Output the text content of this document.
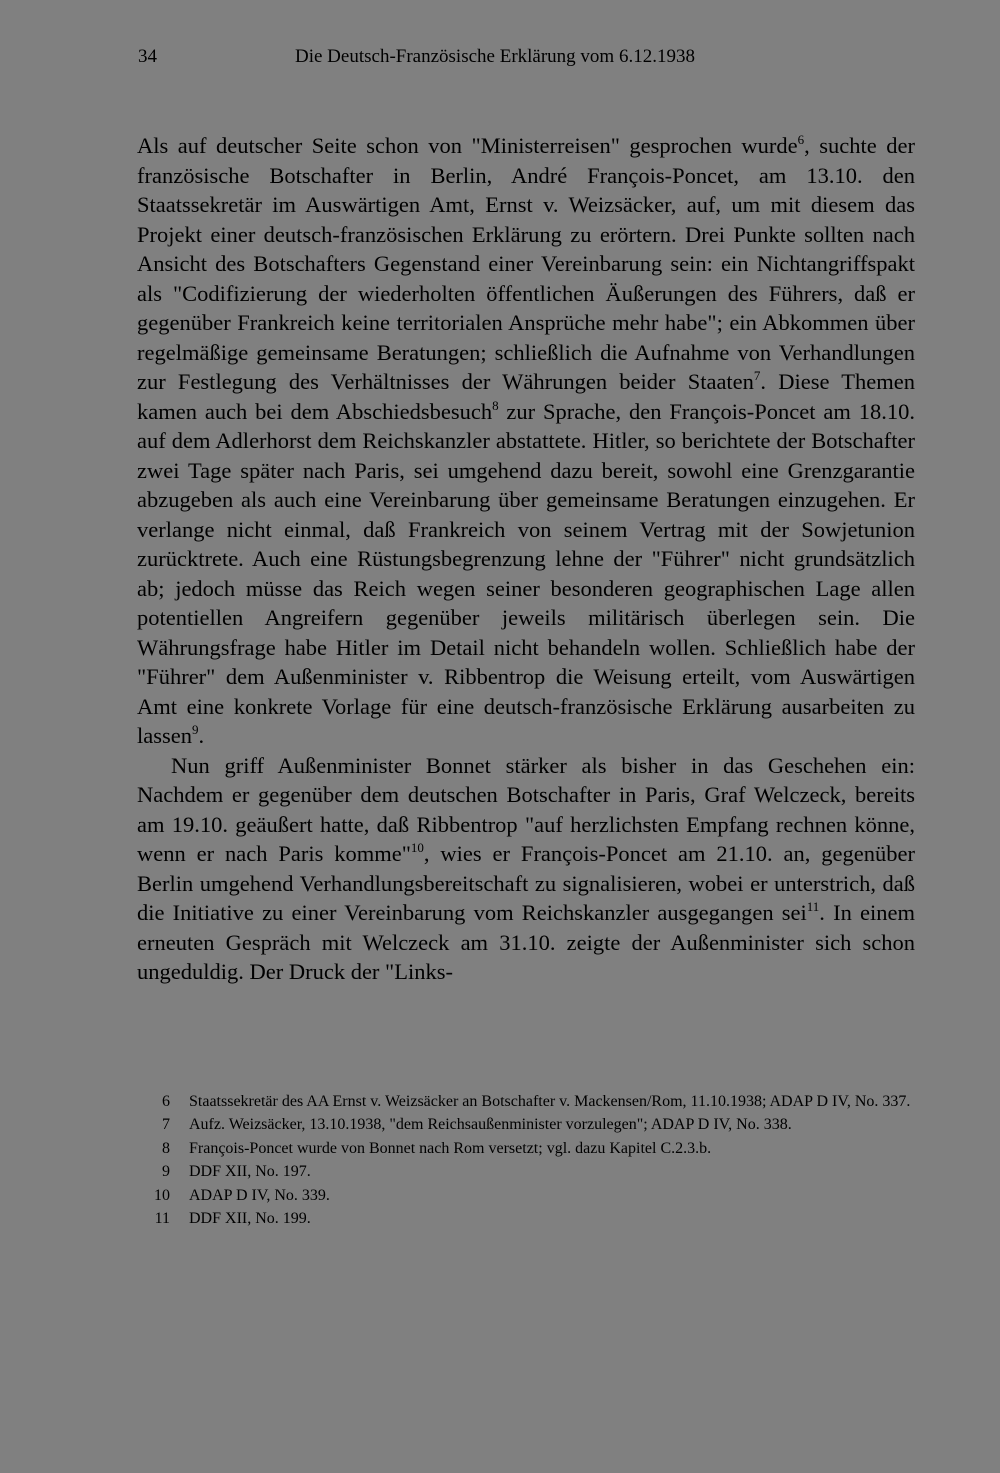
34	Die Deutsch-Französische Erklärung vom 6.12.1938

Als auf deutscher Seite schon von "Ministerreisen" gesprochen wurde$^6$, suchte der französische Botschafter in Berlin, André François-Poncet, am 13.10. den Staatssekretär im Auswärtigen Amt, Ernst v. Weizsäcker, auf, um mit diesem das Projekt einer deutsch-französischen Erklärung zu erörtern. Drei Punkte sollten nach Ansicht des Botschafters Gegenstand einer Vereinbarung sein: ein Nichtangriffspakt als "Codifizierung der wiederholten öffentlichen Äußerungen des Führers, daß er gegenüber Frankreich keine territorialen Ansprüche mehr habe"; ein Abkommen über regelmäßige gemeinsame Beratungen; schließlich die Aufnahme von Verhandlungen zur Festlegung des Verhältnisses der Währungen beider Staaten$^7$. Diese Themen kamen auch bei dem Abschiedsbesuch$^8$ zur Sprache, den François-Poncet am 18.10. auf dem Adlerhorst dem Reichskanzler abstattete. Hitler, so berichtete der Botschafter zwei Tage später nach Paris, sei umgehend dazu bereit, sowohl eine Grenzgarantie abzugeben als auch eine Vereinbarung über gemeinsame Beratungen einzugehen. Er verlange nicht einmal, daß Frankreich von seinem Vertrag mit der Sowjetunion zurücktrete. Auch eine Rüstungsbegrenzung lehne der "Führer" nicht grundsätzlich ab; jedoch müsse das Reich wegen seiner besonderen geographischen Lage allen potentiellen Angreifern gegenüber jeweils militärisch überlegen sein. Die Währungsfrage habe Hitler im Detail nicht behandeln wollen. Schließlich habe der "Führer" dem Außenminister v. Ribbentrop die Weisung erteilt, vom Auswärtigen Amt eine konkrete Vorlage für eine deutsch-französische Erklärung ausarbeiten zu lassen$^9$.

Nun griff Außenminister Bonnet stärker als bisher in das Geschehen ein: Nachdem er gegenüber dem deutschen Botschafter in Paris, Graf Welczeck, bereits am 19.10. geäußert hatte, daß Ribbentrop "auf herzlichsten Empfang rechnen könne, wenn er nach Paris komme"$^{10}$, wies er François-Poncet am 21.10. an, gegenüber Berlin umgehend Verhandlungsbereitschaft zu signalisieren, wobei er unterstrich, daß die Initiative zu einer Vereinbarung vom Reichskanzler ausgegangen sei$^{11}$. In einem erneuten Gespräch mit Welczeck am 31.10. zeigte der Außenminister sich schon ungeduldig. Der Druck der "Links-

6 Staatssekretär des AA Ernst v. Weizsäcker an Botschafter v. Mackensen/Rom, 11.10.1938; ADAP D IV, No. 337.
7 Aufz. Weizsäcker, 13.10.1938, "dem Reichsaußenminister vorzulegen"; ADAP D IV, No. 338.
8 François-Poncet wurde von Bonnet nach Rom versetzt; vgl. dazu Kapitel C.2.3.b.
9 DDF XII, No. 197.
10 ADAP D IV, No. 339.
11 DDF XII, No. 199.
